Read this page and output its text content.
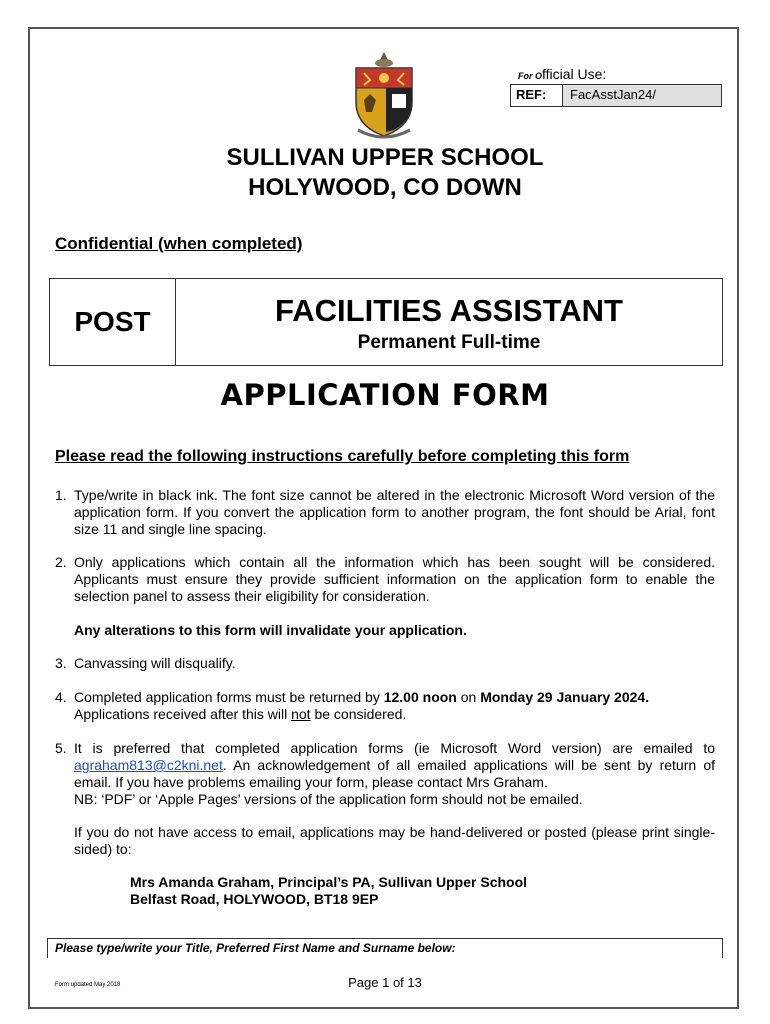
For Official Use:
REF:	FacAsstJan24/
SULLIVAN UPPER SCHOOL
HOLYWOOD, CO DOWN
Confidential (when completed)
POST	FACILITIES ASSISTANT
Permanent Full-time
APPLICATION FORM
Please read the following instructions carefully before completing this form
1. Type/write in black ink. The font size cannot be altered in the electronic Microsoft Word version of the application form. If you convert the application form to another program, the font should be Arial, font size 11 and single line spacing.
2. Only applications which contain all the information which has been sought will be considered. Applicants must ensure they provide sufficient information on the application form to enable the selection panel to assess their eligibility for consideration.
Any alterations to this form will invalidate your application.
3. Canvassing will disqualify.
4. Completed application forms must be returned by 12.00 noon on Monday 29 January 2024.
Applications received after this will not be considered.
5. It is preferred that completed application forms (ie Microsoft Word version) are emailed to agraham813@c2kni.net. An acknowledgement of all emailed applications will be sent by return of email. If you have problems emailing your form, please contact Mrs Graham.
NB: ‘PDF’ or ‘Apple Pages’ versions of the application form should not be emailed.
If you do not have access to email, applications may be hand-delivered or posted (please print single-sided) to:
Mrs Amanda Graham, Principal’s PA, Sullivan Upper School
Belfast Road, HOLYWOOD, BT18 9EP
Please type/write your Title, Preferred First Name and Surname below:
Form updated May 2018	Page 1 of 13
